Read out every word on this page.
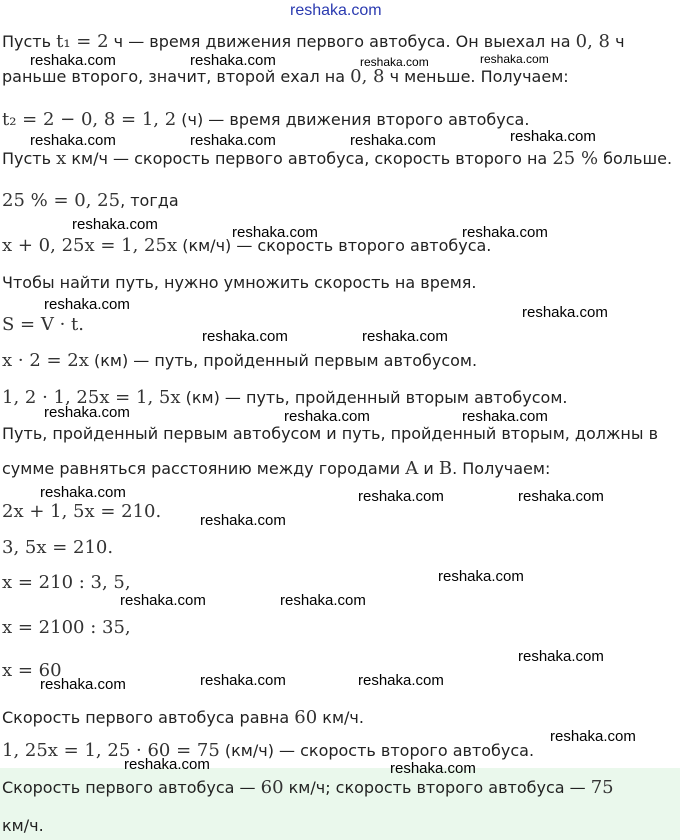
Пусть t₁ = 2 ч — время движения первого автобуса. Он выехал на 0, 8 ч
раньше второго, значит, второй ехал на 0, 8 ч меньше. Получаем:
t₂ = 2 − 0, 8 = 1, 2 (ч) — время движения второго автобуса.
Пусть x км/ч — скорость первого автобуса, скорость второго на 25 % больше.
25 % = 0, 25, тогда
x + 0, 25x = 1, 25x (км/ч) — скорость второго автобуса.
Чтобы найти путь, нужно умножить скорость на время.
S = V · t.
x · 2 = 2x (км) — путь, пройденный первым автобусом.
1, 2 · 1, 25x = 1, 5x (км) — путь, пройденный вторым автобусом.
Путь, пройденный первым автобусом и путь, пройденный вторым, должны в
сумме равняться расстоянию между городами A и B. Получаем:
2x + 1, 5x = 210.
3, 5x = 210.
x = 210 : 3, 5,
x = 2100 : 35,
x = 60
Скорость первого автобуса равна 60 км/ч.
1, 25x = 1, 25 · 60 = 75 (км/ч) — скорость второго автобуса.
Скорость первого автобуса — 60 км/ч; скорость второго автобуса — 75
км/ч.
reshaka.com
reshaka.com	reshaka.com	reshaka.com	reshaka.com
reshaka.com	reshaka.com	reshaka.com	reshaka.com
reshaka.com	reshaka.com	reshaka.com
reshaka.com	reshaka.com
reshaka.com	reshaka.com
reshaka.com	reshaka.com	reshaka.com
reshaka.com	reshaka.com	reshaka.com
reshaka.com
reshaka.com
reshaka.com	reshaka.com
reshaka.com
reshaka.com	reshaka.com	reshaka.com
reshaka.com
reshaka.com	reshaka.com
